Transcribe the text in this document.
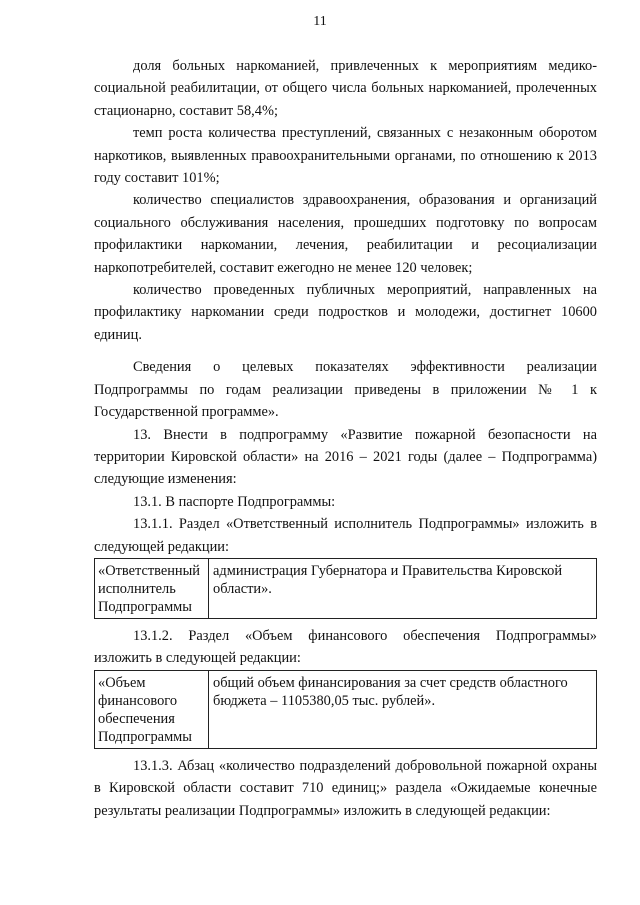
11

доля больных наркоманией, привлеченных к мероприятиям медико-социальной реабилитации, от общего числа больных наркоманией, пролеченных стационарно, составит 58,4%;

темп роста количества преступлений, связанных с незаконным оборотом наркотиков, выявленных правоохранительными органами, по отношению к 2013 году составит 101%;

количество специалистов здравоохранения, образования и организаций социального обслуживания населения, прошедших подготовку по вопросам профилактики наркомании, лечения, реабилитации и ресоциализации наркопотребителей, составит ежегодно не менее 120 человек;

количество проведенных публичных мероприятий, направленных на профилактику наркомании среди подростков и молодежи, достигнет 10600 единиц.

Сведения о целевых показателях эффективности реализации Подпрограммы по годам реализации приведены в приложении № 1 к Государственной программе».

13. Внести в подпрограмму «Развитие пожарной безопасности на территории Кировской области» на 2016 – 2021 годы (далее – Подпрограмма) следующие изменения:

13.1. В паспорте Подпрограммы:

13.1.1. Раздел «Ответственный исполнитель Подпрограммы» изложить в следующей редакции:

«Ответственный
исполнитель
Подпрограммы
	администрация Губернатора и Правительства Кировской области».

13.1.2. Раздел «Объем финансового обеспечения Подпрограммы» изложить в следующей редакции:

«Объем
финансового
обеспечения
Подпрограммы
	общий объем финансирования за счет средств областного бюджета – 1105380,05 тыс. рублей».

13.1.3. Абзац «количество подразделений добровольной пожарной охраны в Кировской области составит 710 единиц;» раздела «Ожидаемые конечные результаты реализации Подпрограммы» изложить в следующей редакции:
